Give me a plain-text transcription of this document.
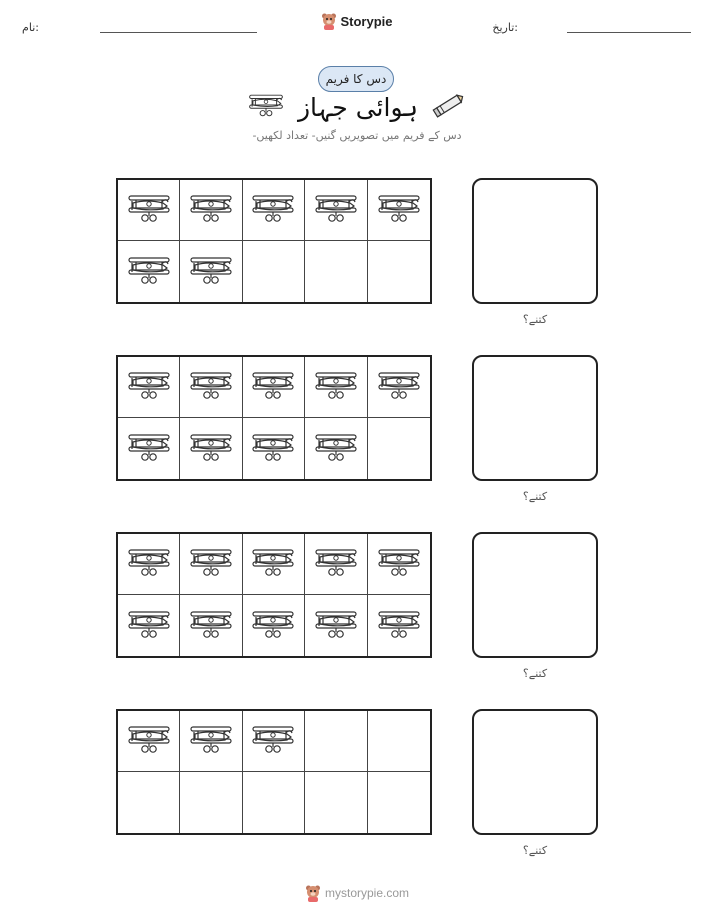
نام:	Storypie	تاریخ:
دس کا فریم
ہوائی جہاز
دس کے فریم میں تصویریں گنیں- تعداد لکھیں-
کتنے؟
کتنے؟
کتنے؟
کتنے؟
mystorypie.com
